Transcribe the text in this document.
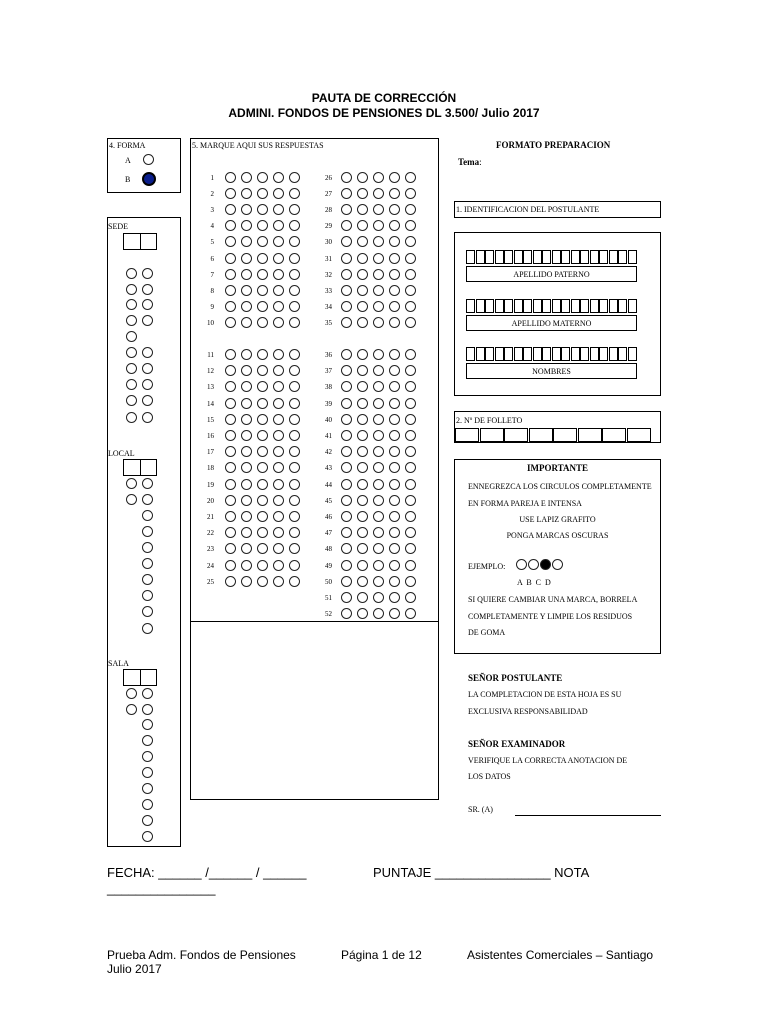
PAUTA DE CORRECCIÓN
ADMINI. FONDOS DE PENSIONES DL 3.500/ Julio 2017
4. FORMA
A
B
SEDE
LOCAL
SALA
5. MARQUE AQUI SUS RESPUESTAS
1
2
3
4
5
6
7
8
9
10
11
12
13
14
15
16
17
18
19
20
21
22
23
24
25
26
27
28
29
30
31
32
33
34
35
36
37
38
39
40
41
42
43
44
45
46
47
48
49
50
51
52
FORMATO PREPARACION
Tema:
1. IDENTIFICACION DEL POSTULANTE
APELLIDO PATERNO
APELLIDO MATERNO
NOMBRES
2. Nº DE FOLLETO
IMPORTANTE
ENNEGREZCA LOS CIRCULOS COMPLETAMENTE
EN FORMA PAREJA E INTENSA
USE LAPIZ GRAFITO
PONGA MARCAS OSCURAS
EJEMPLO:
A B C D
SI QUIERE CAMBIAR UNA MARCA, BORRELA
COMPLETAMENTE Y LIMPIE LOS RESIDUOS
DE GOMA
SEÑOR POSTULANTE
LA COMPLETACION DE ESTA HOJA ES SU
EXCLUSIVA RESPONSABILIDAD
SEÑOR EXAMINADOR
VERIFIQUE LA CORRECTA ANOTACION DE
LOS DATOS
SR. (A)
FECHA: ______ /______ / ______	PUNTAJE ________________ NOTA
_______________
Prueba Adm. Fondos de Pensiones
Julio 2017
Página 1 de 12	Asistentes Comerciales – Santiago
